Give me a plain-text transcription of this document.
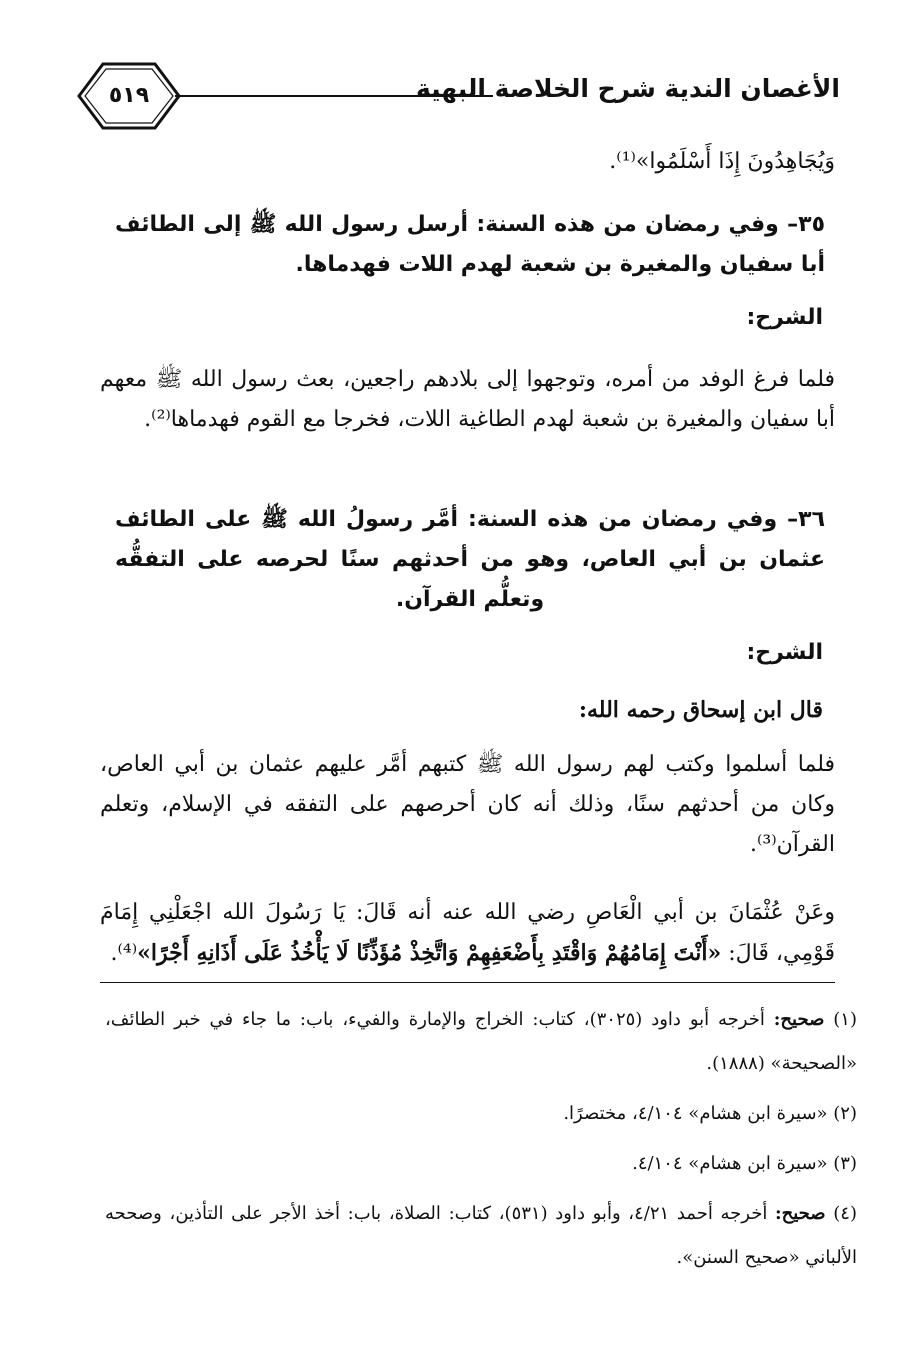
٥١٩	الأغصان الندية شرح الخلاصة البهية
وَيُجَاهِدُونَ إِذَا أَسْلَمُوا»⁽¹⁾.
٣٥– وفي رمضان من هذه السنة: أرسل رسول الله ﷺ إلى الطائف أبا سفيان والمغيرة بن شعبة لهدم اللات فهدماها.
الشرح:
فلما فرغ الوفد من أمره، وتوجهوا إلى بلادهم راجعين، بعث رسول الله ﷺ معهم أبا سفيان والمغيرة بن شعبة لهدم الطاغية اللات، فخرجا مع القوم فهدماها⁽²⁾.
٣٦– وفي رمضان من هذه السنة: أمَّر رسولُ الله ﷺ على الطائف عثمان بن أبي العاص، وهو من أحدثهم سنًا لحرصه على التفقُّه وتعلُّم القرآن.
الشرح:
قال ابن إسحاق رحمه الله:
فلما أسلموا وكتب لهم رسول الله ﷺ كتبهم أمَّر عليهم عثمان بن أبي العاص، وكان من أحدثهم سنًا، وذلك أنه كان أحرصهم على التفقه في الإسلام، وتعلم القرآن⁽³⁾.
وعَنْ عُثْمَانَ بن أبي الْعَاصِ رضي الله عنه أنه قَالَ: يَا رَسُولَ الله اجْعَلْنِي إِمَامَ قَوْمِي، قَالَ: «أَنْتَ إِمَامُهُمْ وَاقْتَدِ بِأَضْعَفِهِمْ وَاتَّخِذْ مُؤَذِّنًا لَا يَأْخُذُ عَلَى أَذَانِهِ أَجْرًا»⁽⁴⁾.
(١) صحيح: أخرجه أبو داود (٣٠٢٥)، كتاب: الخراج والإمارة والفيء، باب: ما جاء في خبر الطائف، «الصحيحة» (١٨٨٨).
(٢) «سيرة ابن هشام» ٤/١٠٤، مختصرًا.
(٣) «سيرة ابن هشام» ٤/١٠٤.
(٤) صحيح: أخرجه أحمد ٤/٢١، وأبو داود (٥٣١)، كتاب: الصلاة، باب: أخذ الأجر على التأذين، وصححه الألباني «صحيح السنن».
